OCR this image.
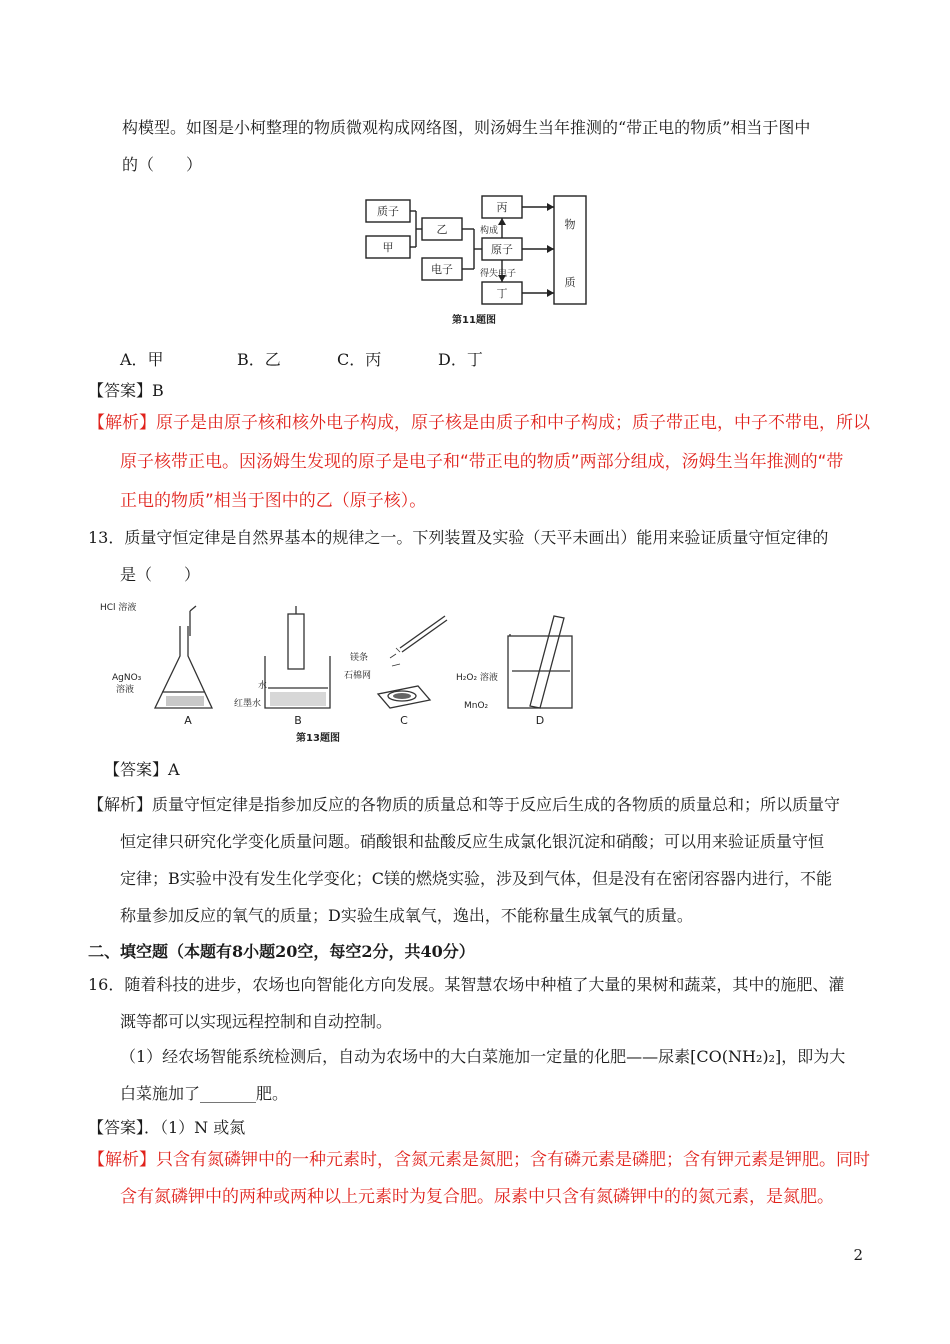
构模型。如图是小柯整理的物质微观构成网络图，则汤姆生当年推测的“带正电的物质”相当于图中
的（　　）
质子
甲
乙
电子
丙
原子
丁
物
质
构成
得失电子
第11题图
A．甲	B．乙	C．丙	D．丁
【答案】B
【解析】原子是由原子核和核外电子构成，原子核是由质子和中子构成；质子带正电，中子不带电，所以
原子核带正电。因汤姆生发现的原子是电子和“带正电的物质”两部分组成，汤姆生当年推测的“带
正电的物质”相当于图中的乙（原子核）。
13．质量守恒定律是自然界基本的规律之一。下列装置及实验（天平未画出）能用来验证质量守恒定律的
是（　　）
HCl 溶液
AgNO₃
溶液	水
红墨水
镁条
石棉网	H₂O₂ 溶液
MnO₂
A	B	C	D
第13题图
【答案】A
【解析】质量守恒定律是指参加反应的各物质的质量总和等于反应后生成的各物质的质量总和；所以质量守
恒定律只研究化学变化质量问题。硝酸银和盐酸反应生成氯化银沉淀和硝酸；可以用来验证质量守恒
定律；B实验中没有发生化学变化；C镁的燃烧实验，涉及到气体，但是没有在密闭容器内进行，不能
称量参加反应的氧气的质量；D实验生成氧气，逸出，不能称量生成氧气的质量。
二、填空题（本题有8小题20空，每空2分，共40分）
16．随着科技的进步，农场也向智能化方向发展。某智慧农场中种植了大量的果树和蔬菜，其中的施肥、灌
溉等都可以实现远程控制和自动控制。
（1）经农场智能系统检测后，自动为农场中的大白菜施加一定量的化肥——尿素[CO(NH₂)₂]，即为大
白菜施加了_______肥。
【答案】．（1）N 或氮
【解析】只含有氮磷钾中的一种元素时，含氮元素是氮肥；含有磷元素是磷肥；含有钾元素是钾肥。同时
含有氮磷钾中的两种或两种以上元素时为复合肥。尿素中只含有氮磷钾中的的氮元素，是氮肥。
2
